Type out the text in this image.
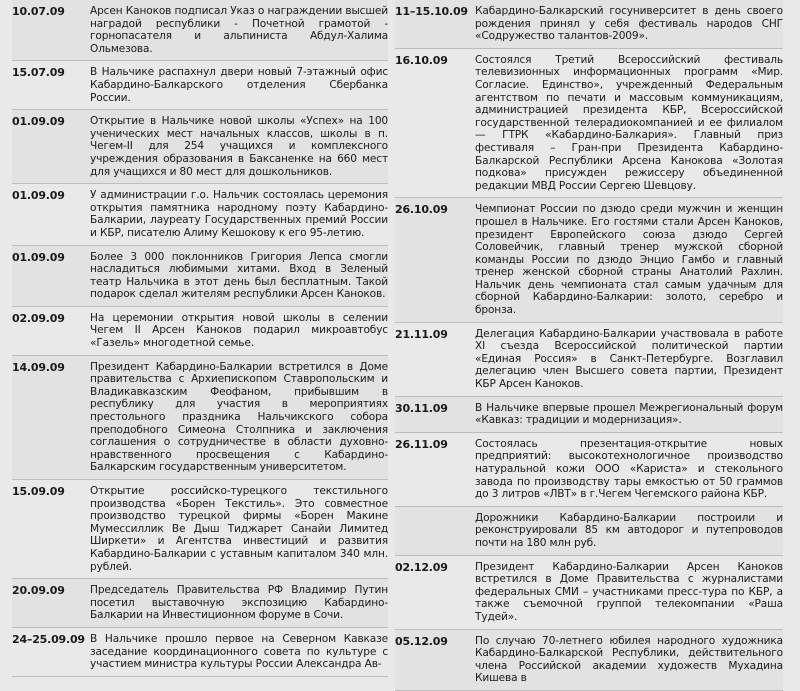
10.07.09	Арсен Каноков подписал Указ о награждении высшей наградой республики - Почетной грамотой - горнопасателя и альпиниста Абдул-Халима Ольмезова.
15.07.09	В Нальчике распахнул двери новый 7-этажный офис Кабардино-Балкарского отделения Сбербанка России.
01.09.09	Открытие в Нальчике новой школы «Успех» на 100 ученических мест начальных классов, школы в п. Чегем-II для 254 учащихся и комплексного учреждения образования в Баксаненке на 660 мест для учащихся и 80 мест для дошкольников.
01.09.09	У администрации г.о. Нальчик состоялась церемония открытия памятника народному поэту Кабардино-Балкарии, лауреату Государственных премий России и КБР, писателю Алиму Кешокову к его 95-летию.
01.09.09	Более 3 000 поклонников Григория Лепса смогли насладиться любимыми хитами. Вход в Зеленый театр Нальчика в этот день был бесплатным. Такой подарок сделал жителям республики Арсен Каноков.
02.09.09	На церемонии открытия новой школы в селении Чегем II Арсен Каноков подарил микроавтобус «Газель» многодетной семье.
14.09.09	Президент Кабардино-Балкарии встретился в Доме правительства с Архиепископом Ставропольским и Владикавказским Феофаном, прибывшим в республику для участия в мероприятиях престольного праздника Нальчикского собора преподобного Симеона Столпника и заключения соглашения о сотрудничестве в области духовно-нравственного просвещения с Кабардино-Балкарским государственным университетом.
15.09.09	Открытие российско-турецкого текстильного производства «Борен Текстиль». Это совместное производство турецкой фирмы «Борен Макине Мумессиллик Ве Дыш Тиджарет Санайи Лимитед Ширкети» и Агентства инвестиций и развития Кабардино-Балкарии с уставным капиталом 340 млн. рублей.
20.09.09	Председатель Правительства РФ Владимир Путин посетил выставочную экспозицию Кабардино-Балкарии на Инвестиционном форуме в Сочи.
24–25.09.09 В Нальчике прошло первое на Северном Кавказе заседание координационного совета по культуре с участием министра культуры России Александра Ав-
11–15.10.09 Кабардино-Балкарский госуниверситет в день своего рождения принял у себя фестиваль народов СНГ «Содружество талантов-2009».
16.10.09	Состоялся Третий Всероссийский фестиваль телевизионных информационных программ «Мир. Согласие. Единство», учрежденный Федеральным агентством по печати и массовым коммуникациям, администрацией президента КБР, Всероссийской государственной телерадиокомпанией и ее филиалом — ГТРК «Кабардино-Балкария». Главный приз фестиваля – Гран-при Президента Кабардино-Балкарской Республики Арсена Канокова «Золотая подкова» присужден режиссеру объединенной редакции МВД России Сергею Шевцову.
26.10.09	Чемпионат России по дзюдо среди мужчин и женщин прошел в Нальчике. Его гостями стали Арсен Каноков, президент Европейского союза дзюдо Сергей Соловейчик, главный тренер мужской сборной команды России по дзюдо Энцио Гамбо и главный тренер женской сборной страны Анатолий Рахлин. Нальчик день чемпионата стал самым удачным для сборной Кабардино-Балкарии: золото, серебро и бронза.
21.11.09	Делегация Кабардино-Балкарии участвовала в работе XI съезда Всероссийской политической партии «Единая Россия» в Санкт-Петербурге. Возглавил делегацию член Высшего совета партии, Президент КБР Арсен Каноков.
30.11.09	В Нальчике впервые прошел Межрегиональный форум «Кавказ: традиции и модернизация».
26.11.09	Состоялась презентация-открытие новых предприятий: высокотехнологичное производство натуральной кожи ООО «Кариста» и стекольного завода по производству тары емкостью от 50 граммов до 3 литров «ЛВТ» в г.Чегем Чегемского района КБР.
Дорожники Кабардино-Балкарии построили и реконструировали 85 км автодорог и путепроводов почти на 180 млн руб.
02.12.09	Президент Кабардино-Балкарии Арсен Каноков встретился в Доме Правительства с журналистами федеральных СМИ – участниками пресс-тура по КБР, а также съемочной группой телекомпании «Раша Тудей».
05.12.09	По случаю 70-летнего юбилея народного художника Кабардино-Балкарской Республики, действительного члена Российской академии художеств Мухадина Кишева в
